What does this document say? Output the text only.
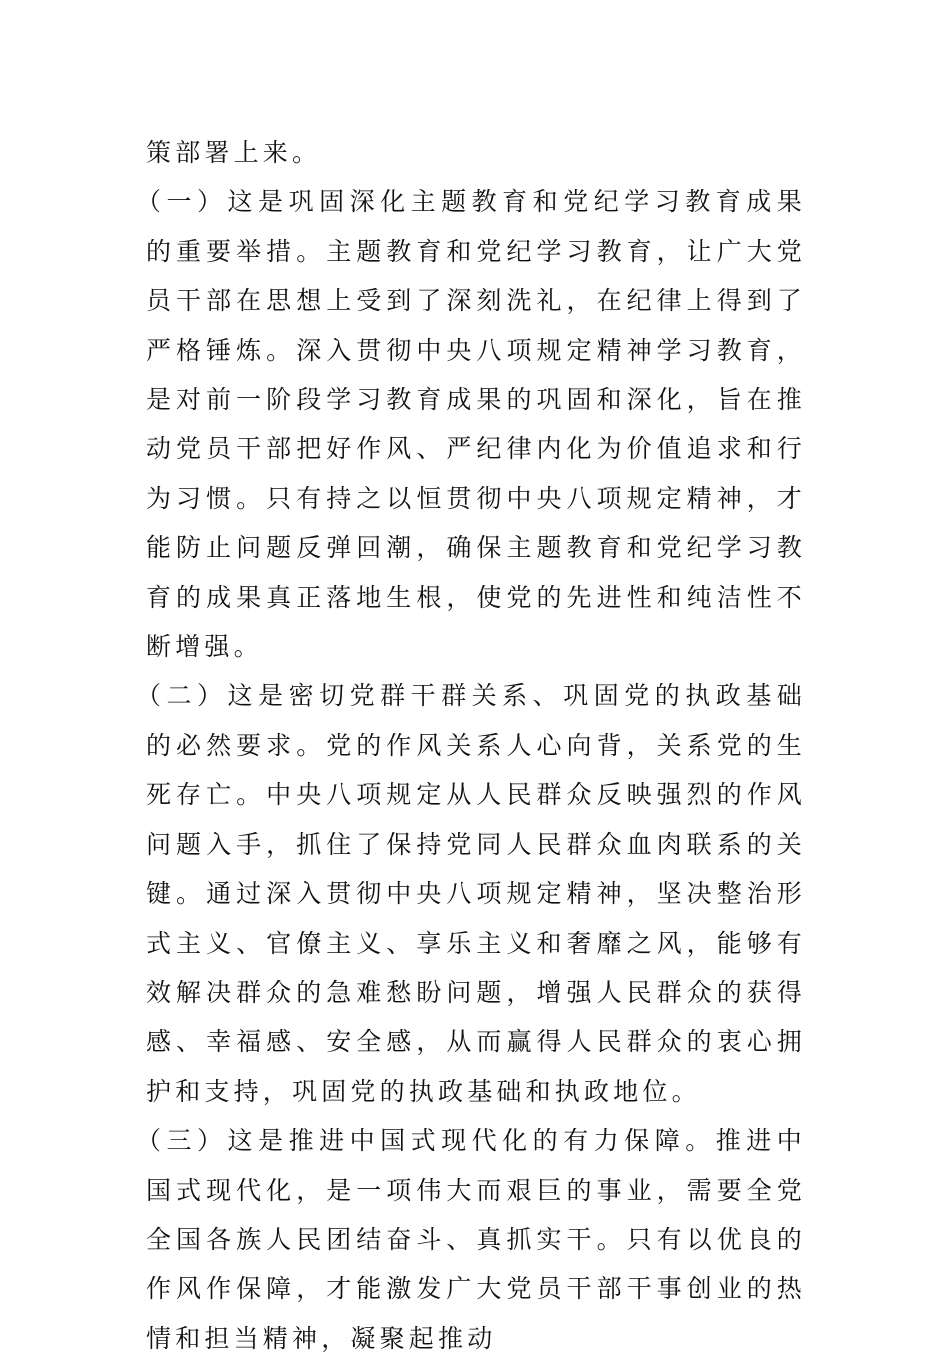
策部署上来。

（一）这是巩固深化主题教育和党纪学习教育成果的重要举措。主题教育和党纪学习教育，让广大党员干部在思想上受到了深刻洗礼，在纪律上得到了严格锤炼。深入贯彻中央八项规定精神学习教育，是对前一阶段学习教育成果的巩固和深化，旨在推动党员干部把好作风、严纪律内化为价值追求和行为习惯。只有持之以恒贯彻中央八项规定精神，才能防止问题反弹回潮，确保主题教育和党纪学习教育的成果真正落地生根，使党的先进性和纯洁性不断增强。

（二）这是密切党群干群关系、巩固党的执政基础的必然要求。党的作风关系人心向背，关系党的生死存亡。中央八项规定从人民群众反映强烈的作风问题入手，抓住了保持党同人民群众血肉联系的关键。通过深入贯彻中央八项规定精神，坚决整治形式主义、官僚主义、享乐主义和奢靡之风，能够有效解决群众的急难愁盼问题，增强人民群众的获得感、幸福感、安全感，从而赢得人民群众的衷心拥护和支持，巩固党的执政基础和执政地位。

（三）这是推进中国式现代化的有力保障。推进中国式现代化，是一项伟大而艰巨的事业，需要全党全国各族人民团结奋斗、真抓实干。只有以优良的作风作保障，才能激发广大党员干部干事创业的热情和担当精神，凝聚起推动
